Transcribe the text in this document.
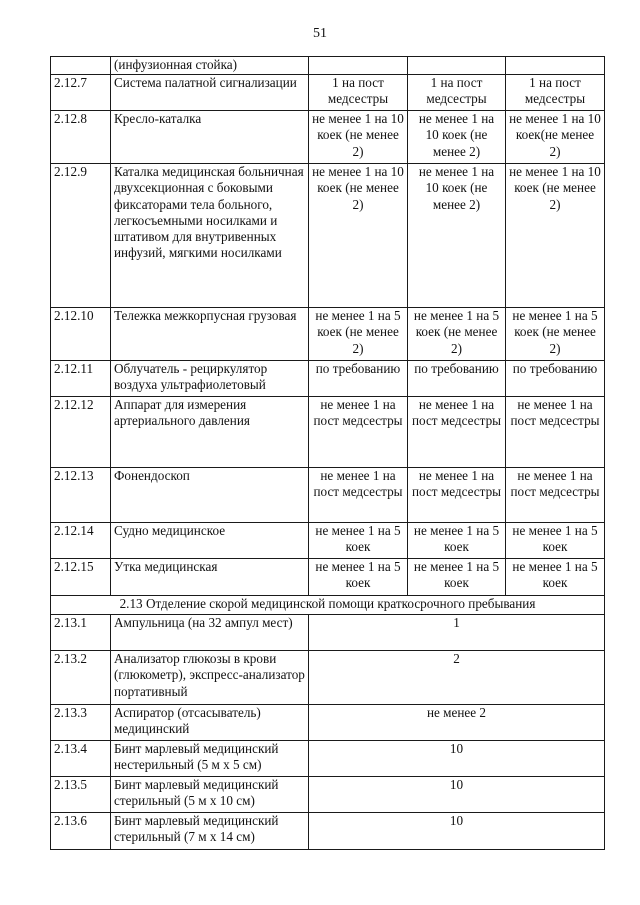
51
	(инфузионная стойка)			
2.12.7	Система палатной сигнализации	1 на пост медсестры	1 на пост медсестры	1 на пост медсестры
2.12.8	Кресло-каталка	не менее 1 на 10 коек (не менее 2)	не менее 1 на 10 коек (не менее 2)	не менее 1 на 10 коек(не менее 2)
2.12.9	Каталка медицинская больничная двухсекционная с боковыми фиксаторами тела больного, легкосъемными носилками и штативом для внутривенных инфузий, мягкими носилками	не менее 1 на 10 коек (не менее 2)	не менее 1 на 10 коек (не менее 2)	не менее 1 на 10 коек (не менее 2)
2.12.10	Тележка межкорпусная грузовая	не менее 1 на 5 коек (не менее 2)	не менее 1 на 5 коек (не менее 2)	не менее 1 на 5 коек (не менее 2)
2.12.11	Облучатель - рециркулятор воздуха ультрафиолетовый	по требованию	по требованию	по требованию
2.12.12	Аппарат для измерения артериального давления	не менее 1 на пост медсестры	не менее 1 на пост медсестры	не менее 1 на пост медсестры
2.12.13	Фонендоскоп	не менее 1 на пост медсестры	не менее 1 на пост медсестры	не менее 1 на пост медсестры
2.12.14	Судно медицинское	не менее 1 на 5 коек	не менее 1 на 5 коек	не менее 1 на 5 коек
2.12.15	Утка медицинская	не менее 1 на 5 коек	не менее 1 на 5 коек	не менее 1 на 5 коек
2.13 Отделение скорой медицинской помощи краткосрочного пребывания				
2.13.1	Ампульница (на 32 ампул мест)	1		
2.13.2	Анализатор глюкозы в крови (глюкометр), экспресс-анализатор портативный	2		
2.13.3	Аспиратор (отсасыватель) медицинский	не менее 2		
2.13.4	Бинт марлевый медицинский нестерильный (5 м х 5 см)	10		
2.13.5	Бинт марлевый медицинский стерильный (5 м х 10 см)	10		
2.13.6	Бинт марлевый медицинский стерильный (7 м х 14 см)	10		
